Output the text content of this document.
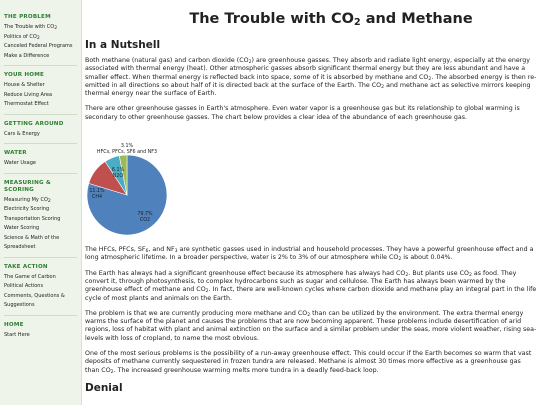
THE PROBLEM
The Trouble with $CO_2$
Politics of $CO_2$
Canceled Federal Programs
Make a Difference
YOUR HOME
House & Shelter
Reduce Living Area
Thermostat Effect
GETTING AROUND
Cars & Energy
WATER
Water Usage
MEASURING & SCORING
Measuring My $CO_2$
Electricity Scoring
Transportation Scoring
Water Scoring
Science & Math of the
Spreadsheet
TAKE ACTION
The Game of Carbon
Political Actions
Comments, Questions &
Suggestions
HOME
Start Here
The Trouble with $CO_2$ and Methane
In a Nutshell

Both methane (natural gas) and carbon dioxide $(CO_2)$ are greenhouse gasses. They absorb and radiate light energy, especially at the energy associated with thermal energy (heat). Other atmospheric gasses absorb significant thermal energy but they are less abundant and have a smaller effect. When thermal energy is reflected back into space, some of it is absorbed by methane and $CO_2$. The absorbed energy is then re-emitted in all directions so about half of it is directed back at the surface of the Earth. The $CO_2$ and methane act as selective mirrors keeping thermal energy near the surface of Earth.

There are other greenhouse gasses in Earth's atmosphere. Even water vapor is a greenhouse gas but its relationship to global warming is secondary to other greenhouse gasses. The chart below provides a clear idea of the abundance of each greenhouse gas.

79.7% CO2
11.1% CH4
6.1% N2O
3.1% HFCs, PFCs, SF6 and NF3

The HFCs, PFCs, $SF_6$, and $NF_3$ are synthetic gasses used in industrial and household processes. They have a powerful greenhouse effect and a long atmospheric lifetime. In a broader perspective, water is 2% to 3% of our atmosphere while $CO_2$ is about 0.04%.

The Earth has always had a significant greenhouse effect because its atmosphere has always had $CO_2$. But plants use $CO_2$ as food. They convert it, through photosynthesis, to complex hydrocarbons such as sugar and cellulose. The Earth has always been warmed by the greenhouse effect of methane and $CO_2$. In fact, there are well-known cycles where carbon dioxide and methane play an integral part in the life cycle of most plants and animals on the Earth.

The problem is that we are currently producing more methane and $CO_2$ than can be utilized by the environment. The extra thermal energy warms the surface of the planet and causes the problems that are now becoming apparent. These problems include desertification of arid regions, loss of habitat with plant and animal extinction on the surface and a similar problem under the seas, more violent weather, rising sea-levels with loss of cropland, to name the most obvious.

One of the most serious problems is the possibility of a run-away greenhouse effect. This could occur if the Earth becomes so warm that vast deposits of methane currently sequestered in frozen tundra are released. Methane is almost 30 times more effective as a greenhouse gas than $CO_2$. The increased greenhouse warming melts more tundra in a deadly feed-back loop.

Denial
